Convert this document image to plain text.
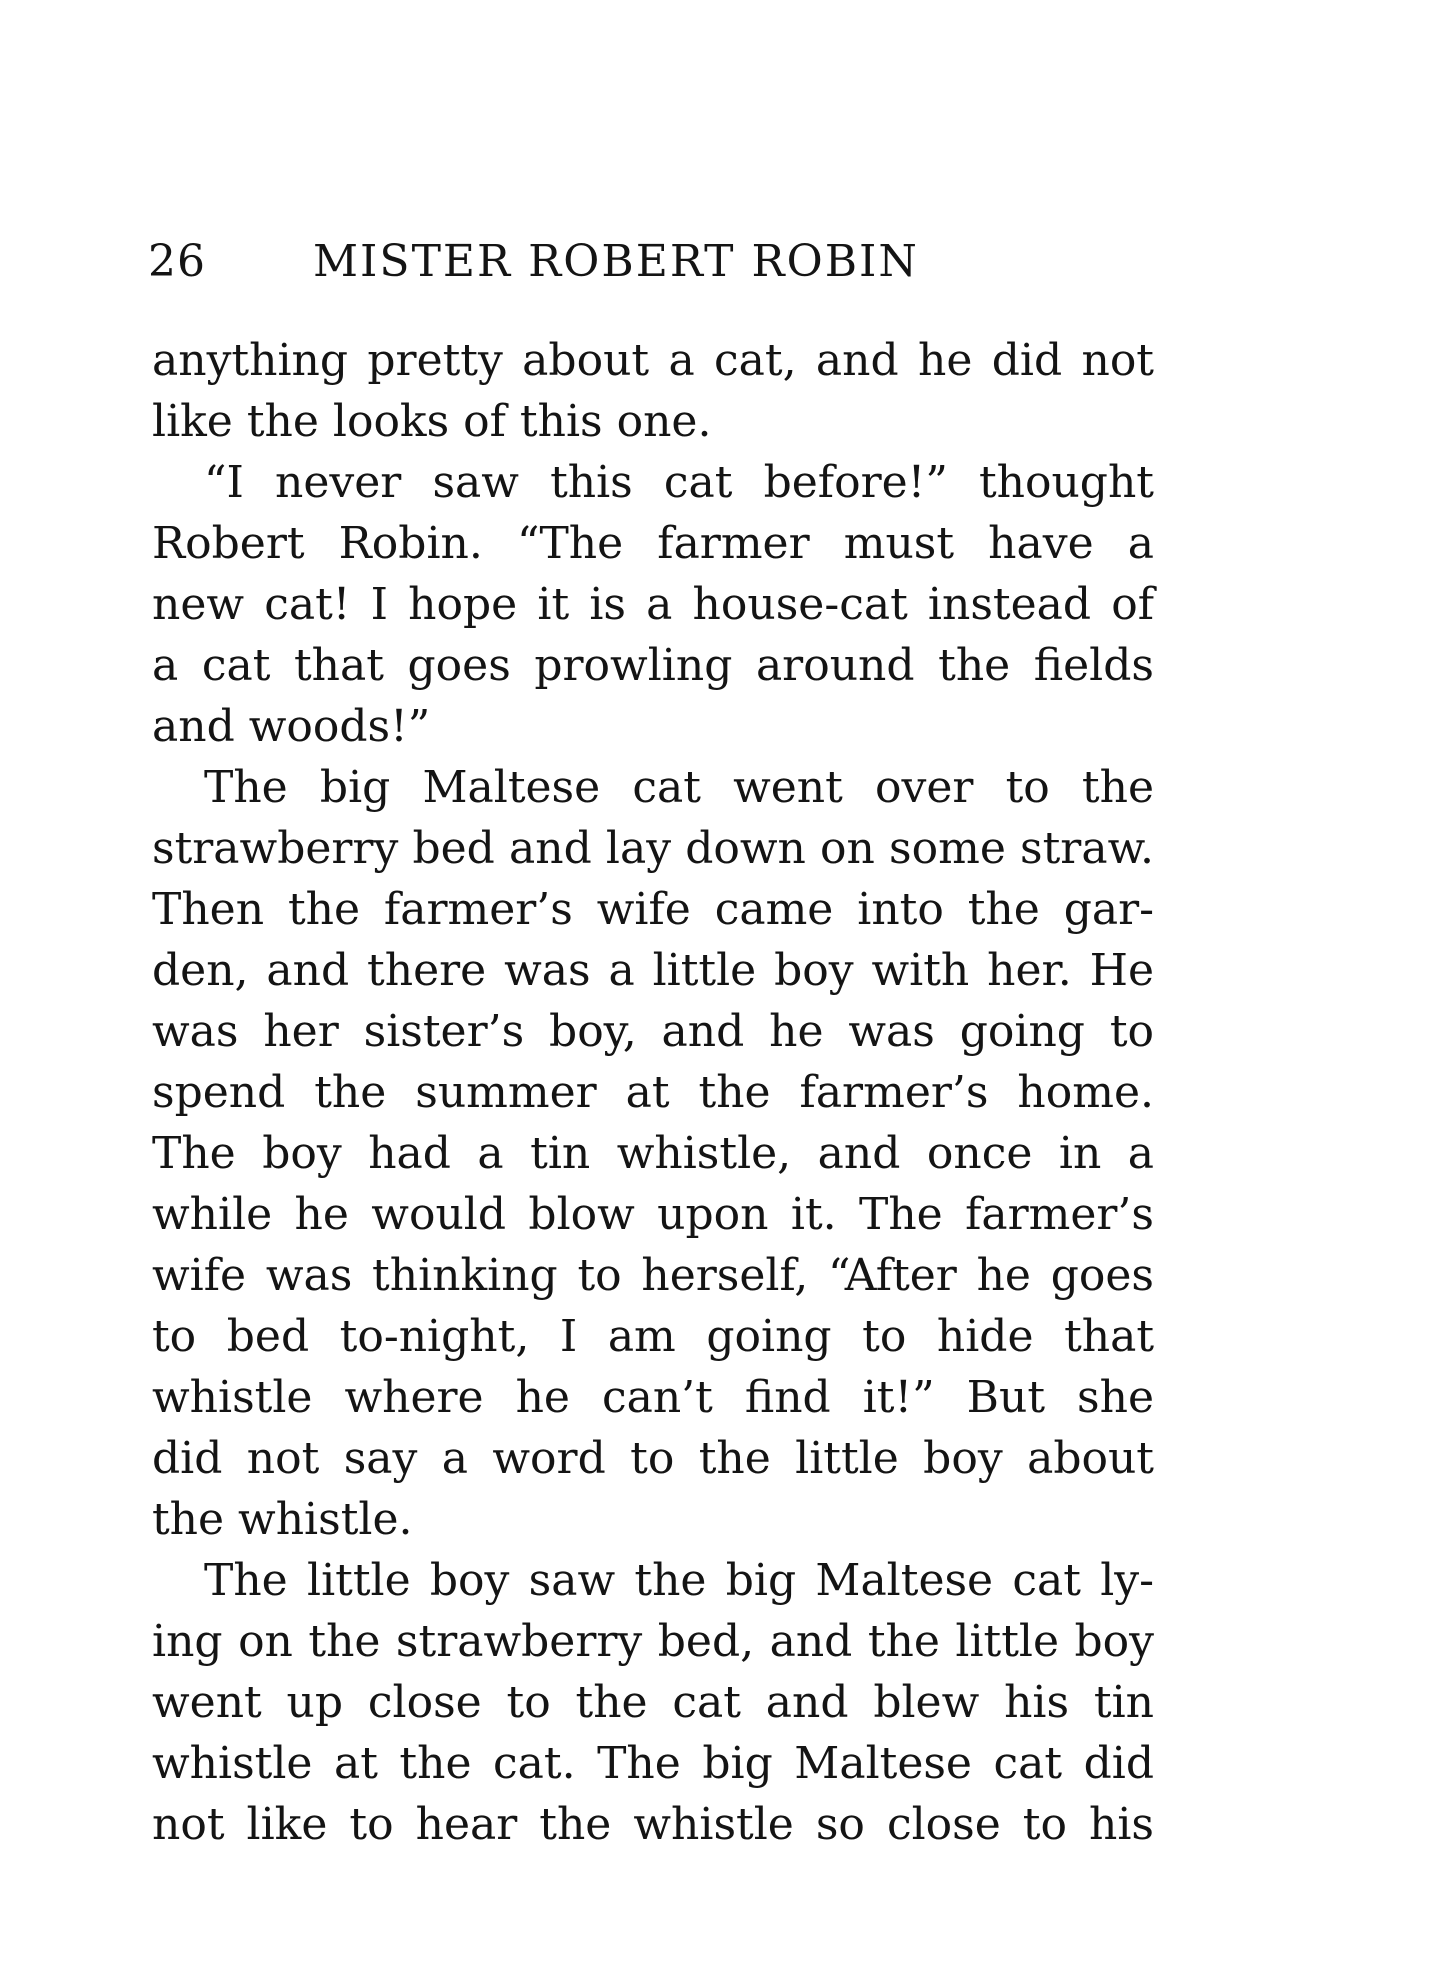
26 MISTER ROBERT ROBIN
anything pretty about a cat, and he did not
like the looks of this one.
“I never saw this cat before!” thought
Robert Robin. “The farmer must have a
new cat! I hope it is a house-cat instead of
a cat that goes prowling around the fields
and woods!”
The big Maltese cat went over to the
strawberry bed and lay down on some straw.
Then the farmer’s wife came into the gar-
den, and there was a little boy with her. He
was her sister’s boy, and he was going to
spend the summer at the farmer’s home.
The boy had a tin whistle, and once in a
while he would blow upon it. The farmer’s
wife was thinking to herself, “After he goes
to bed to-night, I am going to hide that
whistle where he can’t find it!” But she
did not say a word to the little boy about
the whistle.
The little boy saw the big Maltese cat ly-
ing on the strawberry bed, and the little boy
went up close to the cat and blew his tin
whistle at the cat. The big Maltese cat did
not like to hear the whistle so close to his
